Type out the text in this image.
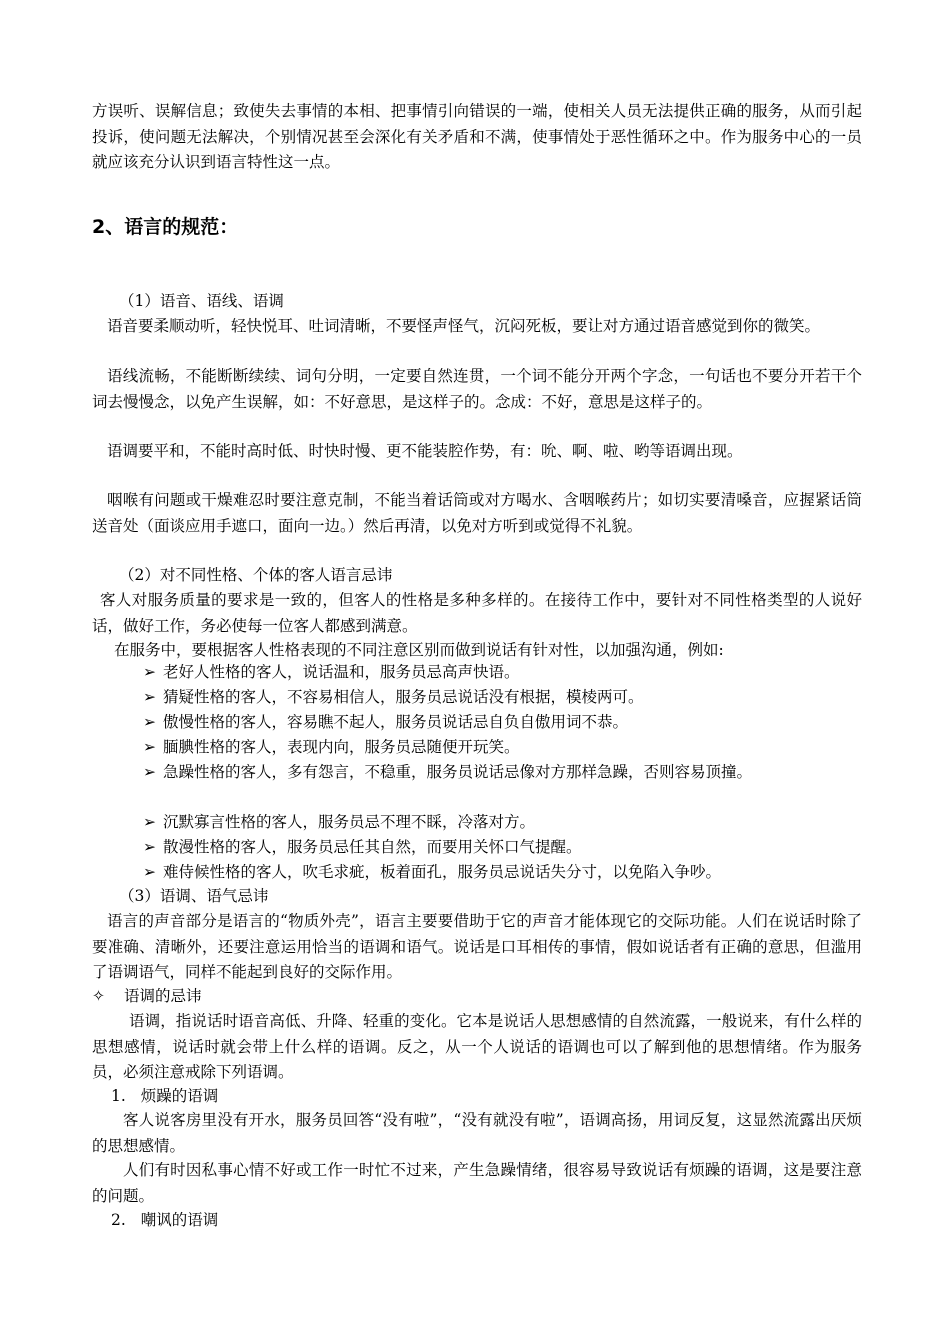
方误听、误解信息；致使失去事情的本相、把事情引向错误的一端，使相关人员无法提供正确的服务，从而引起投诉，使问题无法解决，个别情况甚至会深化有关矛盾和不满，使事情处于恶性循环之中。作为服务中心的一员就应该充分认识到语言特性这一点。
2、语言的规范：
（1）语音、语线、语调
语音要柔顺动听，轻快悦耳、吐词清晰，不要怪声怪气，沉闷死板，要让对方通过语音感觉到你的微笑。
语线流畅，不能断断续续、词句分明，一定要自然连贯，一个词不能分开两个字念，一句话也不要分开若干个词去慢慢念，以免产生误解，如：不好意思，是这样子的。念成：不好，意思是这样子的。
语调要平和，不能时高时低、时快时慢、更不能装腔作势，有：吮、啊、啦、哟等语调出现。
咽喉有问题或干燥难忍时要注意克制，不能当着话筒或对方喝水、含咽喉药片；如切实要清嗓音，应握紧话筒送音处（面谈应用手遮口，面向一边。）然后再清，以免对方听到或觉得不礼貌。
（2）对不同性格、个体的客人语言忌讳
客人对服务质量的要求是一致的，但客人的性格是多种多样的。在接待工作中，要针对不同性格类型的人说好话，做好工作，务必使每一位客人都感到满意。
在服务中，要根据客人性格表现的不同注意区别而做到说话有针对性，以加强沟通，例如:
➢ 老好人性格的客人，说话温和，服务员忌高声快语。
➢ 猜疑性格的客人，不容易相信人，服务员忌说话没有根据，模棱两可。
➢ 傲慢性格的客人，容易瞧不起人，服务员说话忌自负自傲用词不恭。
➢ 腼腆性格的客人，表现内向，服务员忌随便开玩笑。
➢ 急躁性格的客人，多有怨言，不稳重，服务员说话忌像对方那样急躁，否则容易顶撞。
➢ 沉默寡言性格的客人，服务员忌不理不睬，冷落对方。
➢ 散漫性格的客人，服务员忌任其自然，而要用关怀口气提醒。
➢ 难侍候性格的客人，吹毛求疵，板着面孔，服务员忌说话失分寸，以免陷入争吵。
（3）语调、语气忌讳
语言的声音部分是语言的“物质外壳”，语言主要要借助于它的声音才能体现它的交际功能。人们在说话时除了要准确、清晰外，还要注意运用恰当的语调和语气。说话是口耳相传的事情，假如说话者有正确的意思，但滥用了语调语气，同样不能起到良好的交际作用。
✧ 语调的忌讳
语调，指说话时语音高低、升降、轻重的变化。它本是说话人思想感情的自然流露，一般说来，有什么样的思想感情，说话时就会带上什么样的语调。反之，从一个人说话的语调也可以了解到他的思想情绪。作为服务员，必须注意戒除下列语调。
1. 烦躁的语调
客人说客房里没有开水，服务员回答“没有啦”，“没有就没有啦”，语调高扬，用词反复，这显然流露出厌烦的思想感情。
人们有时因私事心情不好或工作一时忙不过来，产生急躁情绪，很容易导致说话有烦躁的语调，这是要注意的问题。
2. 嘲讽的语调
